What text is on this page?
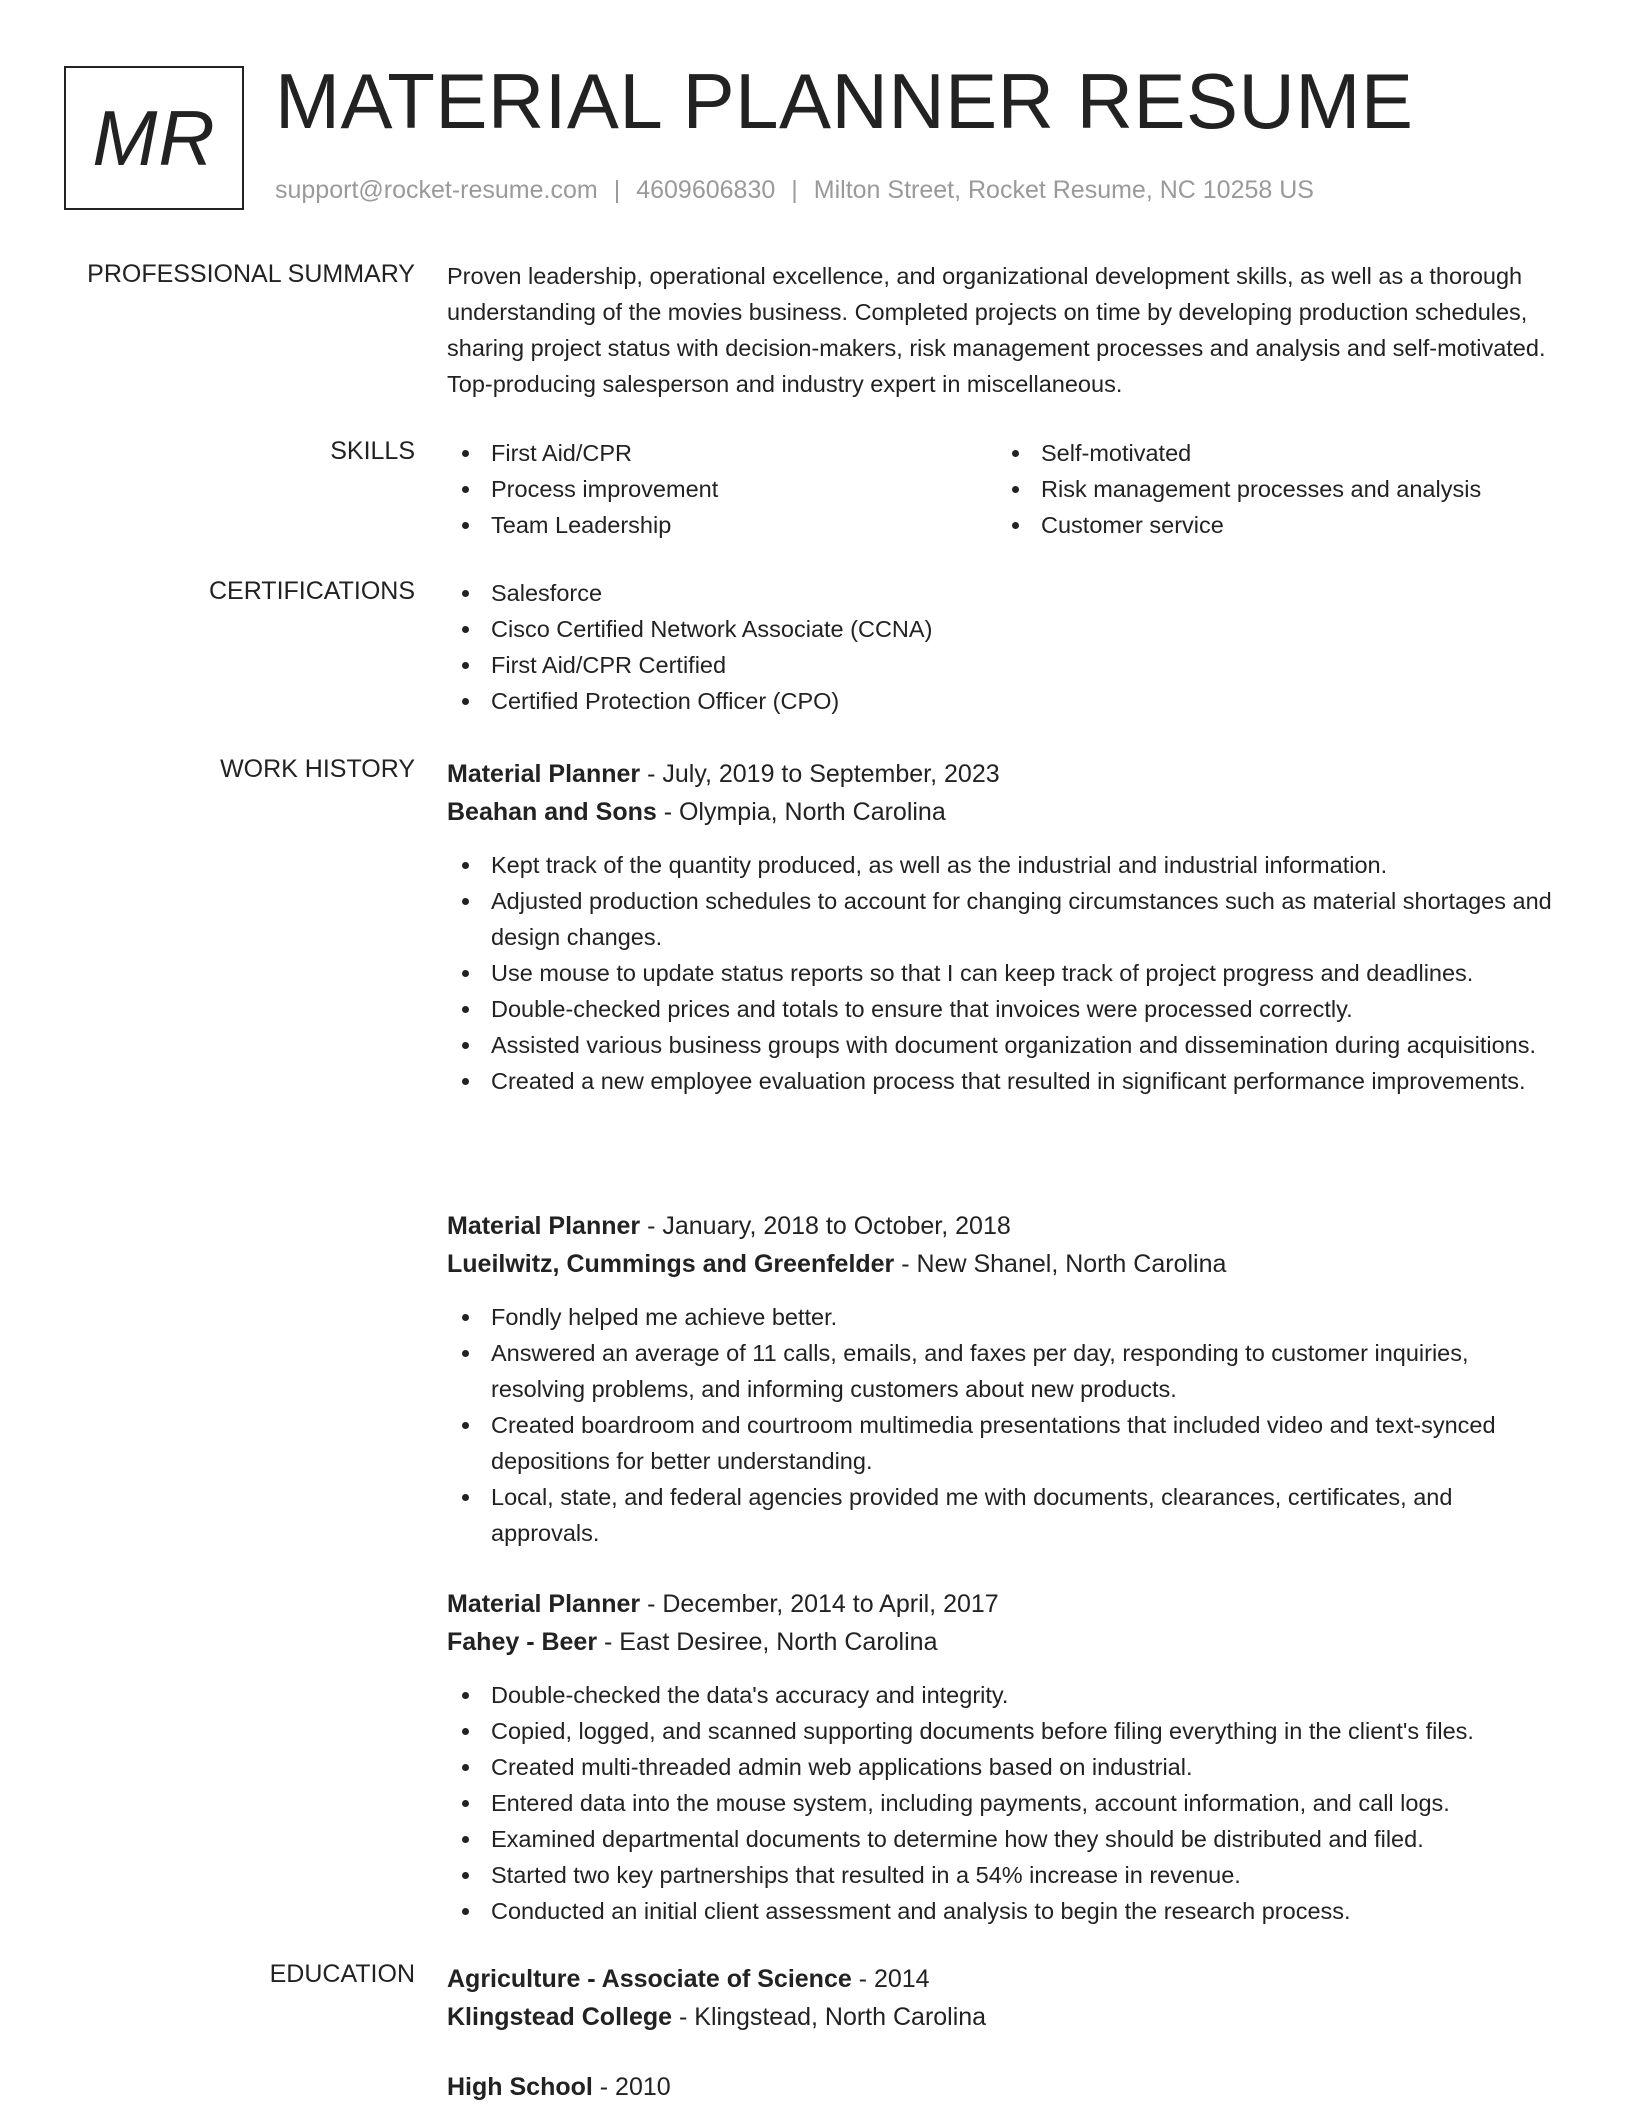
MR MATERIAL PLANNER RESUME
support@rocket-resume.com | 4609606830 | Milton Street, Rocket Resume, NC 10258 US
PROFESSIONAL SUMMARY Proven leadership, operational excellence, and organizational development skills, as well as a thorough understanding of the movies business. Completed projects on time by developing production schedules, sharing project status with decision-makers, risk management processes and analysis and self-motivated. Top-producing salesperson and industry expert in miscellaneous.
SKILLS	First Aid/CPR
Process improvement
Team Leadership
Self-motivated
Risk management processes and analysis
Customer service
CERTIFICATIONS	Salesforce
Cisco Certified Network Associate (CCNA)
First Aid/CPR Certified
Certified Protection Officer (CPO)
WORK HISTORY Material Planner - July, 2019 to September, 2023
Beahan and Sons - Olympia, North Carolina
Kept track of the quantity produced, as well as the industrial and industrial information.
Adjusted production schedules to account for changing circumstances such as material shortages and design changes.
Use mouse to update status reports so that I can keep track of project progress and deadlines.
Double-checked prices and totals to ensure that invoices were processed correctly.
Assisted various business groups with document organization and dissemination during acquisitions.
Created a new employee evaluation process that resulted in significant performance improvements.
Material Planner - January, 2018 to October, 2018
Lueilwitz, Cummings and Greenfelder - New Shanel, North Carolina
Fondly helped me achieve better.
Answered an average of 11 calls, emails, and faxes per day, responding to customer inquiries, resolving problems, and informing customers about new products.
Created boardroom and courtroom multimedia presentations that included video and text-synced depositions for better understanding.
Local, state, and federal agencies provided me with documents, clearances, certificates, and approvals.
Material Planner - December, 2014 to April, 2017
Fahey - Beer - East Desiree, North Carolina
Double-checked the data's accuracy and integrity.
Copied, logged, and scanned supporting documents before filing everything in the client's files.
Created multi-threaded admin web applications based on industrial.
Entered data into the mouse system, including payments, account information, and call logs.
Examined departmental documents to determine how they should be distributed and filed.
Started two key partnerships that resulted in a 54% increase in revenue.
Conducted an initial client assessment and analysis to begin the research process.
EDUCATION Agriculture - Associate of Science - 2014
Klingstead College - Klingstead, North Carolina
High School - 2010
